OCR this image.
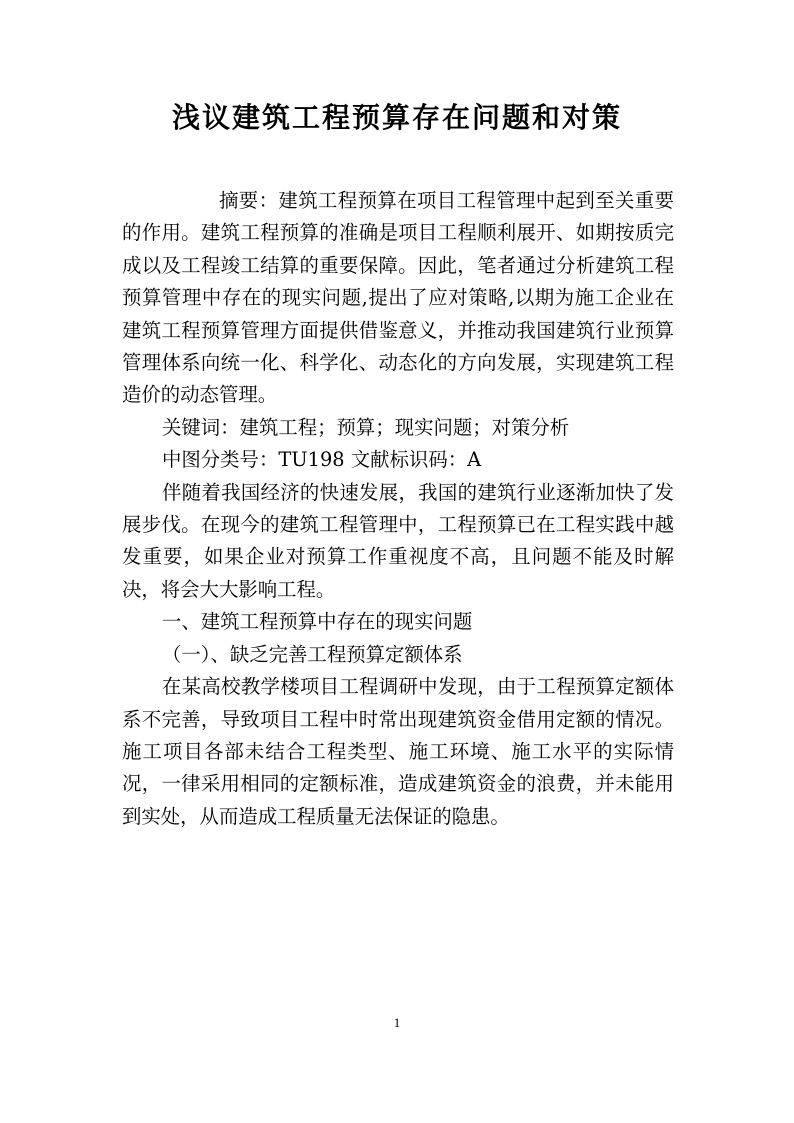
浅议建筑工程预算存在问题和对策

摘要：建筑工程预算在项目工程管理中起到至关重要的作用。建筑工程预算的准确是项目工程顺利展开、如期按质完成以及工程竣工结算的重要保障。因此，笔者通过分析建筑工程预算管理中存在的现实问题,提出了应对策略,以期为施工企业在建筑工程预算管理方面提供借鉴意义，并推动我国建筑行业预算管理体系向统一化、科学化、动态化的方向发展，实现建筑工程造价的动态管理。

关键词：建筑工程；预算；现实问题；对策分析

中图分类号：TU198 文献标识码：A

伴随着我国经济的快速发展，我国的建筑行业逐渐加快了发展步伐。在现今的建筑工程管理中，工程预算已在工程实践中越发重要，如果企业对预算工作重视度不高，且问题不能及时解决，将会大大影响工程。

一、建筑工程预算中存在的现实问题

（一）、缺乏完善工程预算定额体系

在某高校教学楼项目工程调研中发现，由于工程预算定额体系不完善，导致项目工程中时常出现建筑资金借用定额的情况。施工项目各部未结合工程类型、施工环境、施工水平的实际情况，一律采用相同的定额标准，造成建筑资金的浪费，并未能用到实处，从而造成工程质量无法保证的隐患。

1
